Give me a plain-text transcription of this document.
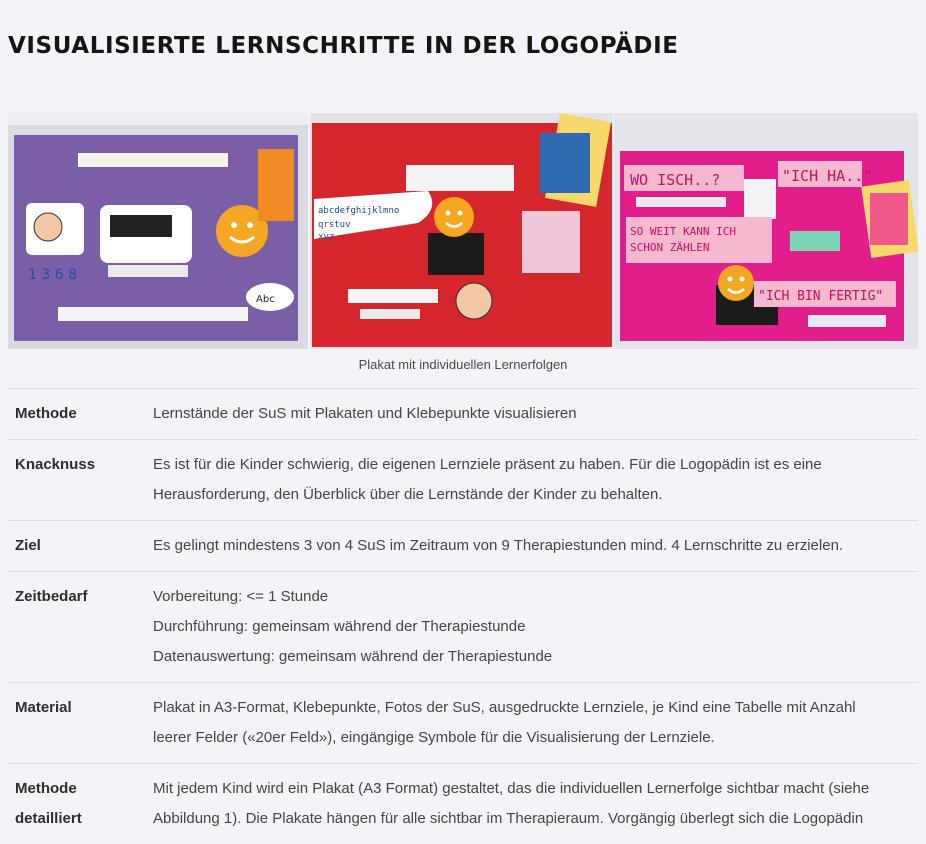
VISUALISIERTE LERNSCHRITTE IN DER LOGOPÄDIE
1 3 6 8
Abc
abcdefghijklmno
qrstuv
xyz
WO ISCH..?	"ICH HA.."
SO WEIT KANN ICH
SCHON ZÄHLEN
"ICH BIN FERTIG"
Plakat mit individuellen Lernerfolgen
Methode	Lernstände der SuS mit Plakaten und Klebepunkte visualisieren

Knacknuss	Es ist für die Kinder schwierig, die eigenen Lernziele präsent zu haben. Für die Logopädin ist es eine
Herausforderung, den Überblick über die Lernstände der Kinder zu behalten.

Ziel	Es gelingt mindestens 3 von 4 SuS im Zeitraum von 9 Therapiestunden mind. 4 Lernschritte zu erzielen.

Zeitbedarf	Vorbereitung: <= 1 Stunde
Durchführung: gemeinsam während der Therapiestunde
Datenauswertung: gemeinsam während der Therapiestunde

Material	Plakat in A3-Format, Klebepunkte, Fotos der SuS, ausgedruckte Lernziele, je Kind eine Tabelle mit Anzahl
leerer Felder («20er Feld»), eingängige Symbole für die Visualisierung der Lernziele.

Methode
detailliert	Mit jedem Kind wird ein Plakat (A3 Format) gestaltet, das die individuellen Lernerfolge sichtbar macht (siehe
Abbildung 1). Die Plakate hängen für alle sichtbar im Therapieraum. Vorgängig überlegt sich die Logopädin
